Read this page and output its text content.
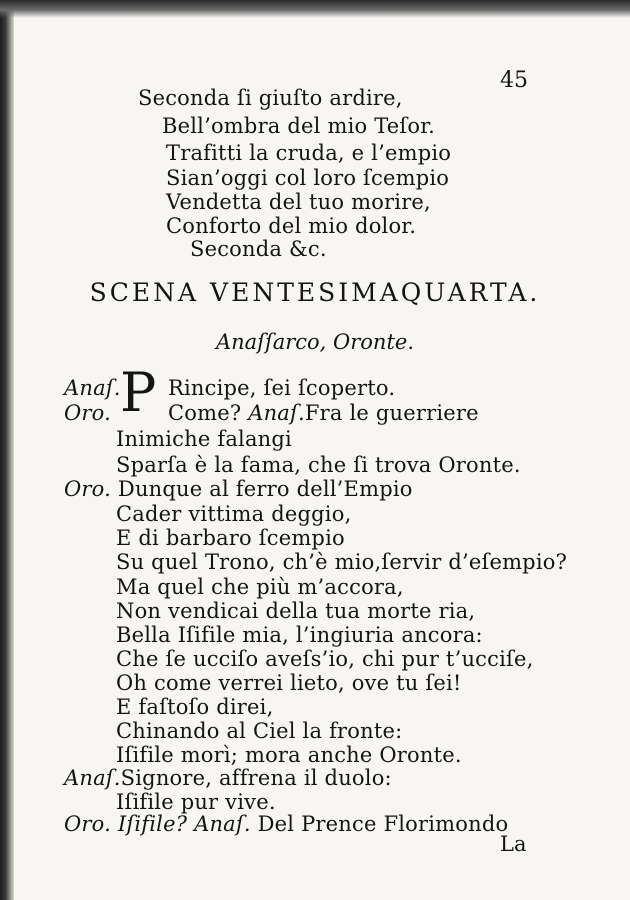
45
Seconda ſi giuſto ardire,
Bell’ombra del mio Teſor.
Trafitti la cruda, e l’empio
Sian’oggi col loro ſcempio
Vendetta del tuo morire,
Conforto del mio dolor.
Seconda &c.
SCENA VENTESIMAQUARTA.
Anaſſarco, Oronte.
Anaſ. P Rincipe, ſei ſcoperto.
Oro.	Come? Anaſ.Fra le guerriere
Inimiche falangi
Sparſa è la fama, che ſi trova Oronte.
Oro. Dunque al ferro dell’Empio
Cader vittima deggio,
E di barbaro ſcempio
Su quel Trono, ch’è mio,ſervir d’eſempio?
Ma quel che più m’accora,
Non vendicai della tua morte ria,
Bella Iſifile mia, l’ingiuria ancora:
Che ſe ucciſo aveſs’io, chi pur t’ucciſe,
Oh come verrei lieto, ove tu ſei!
E faſtoſo direi,
Chinando al Ciel la fronte:
Iſifile morì; mora anche Oronte.
Anaſ.Signore, affrena il duolo:
Iſifile pur vive.
Oro. Iſifile? Anaſ. Del Prence Florimondo
La
